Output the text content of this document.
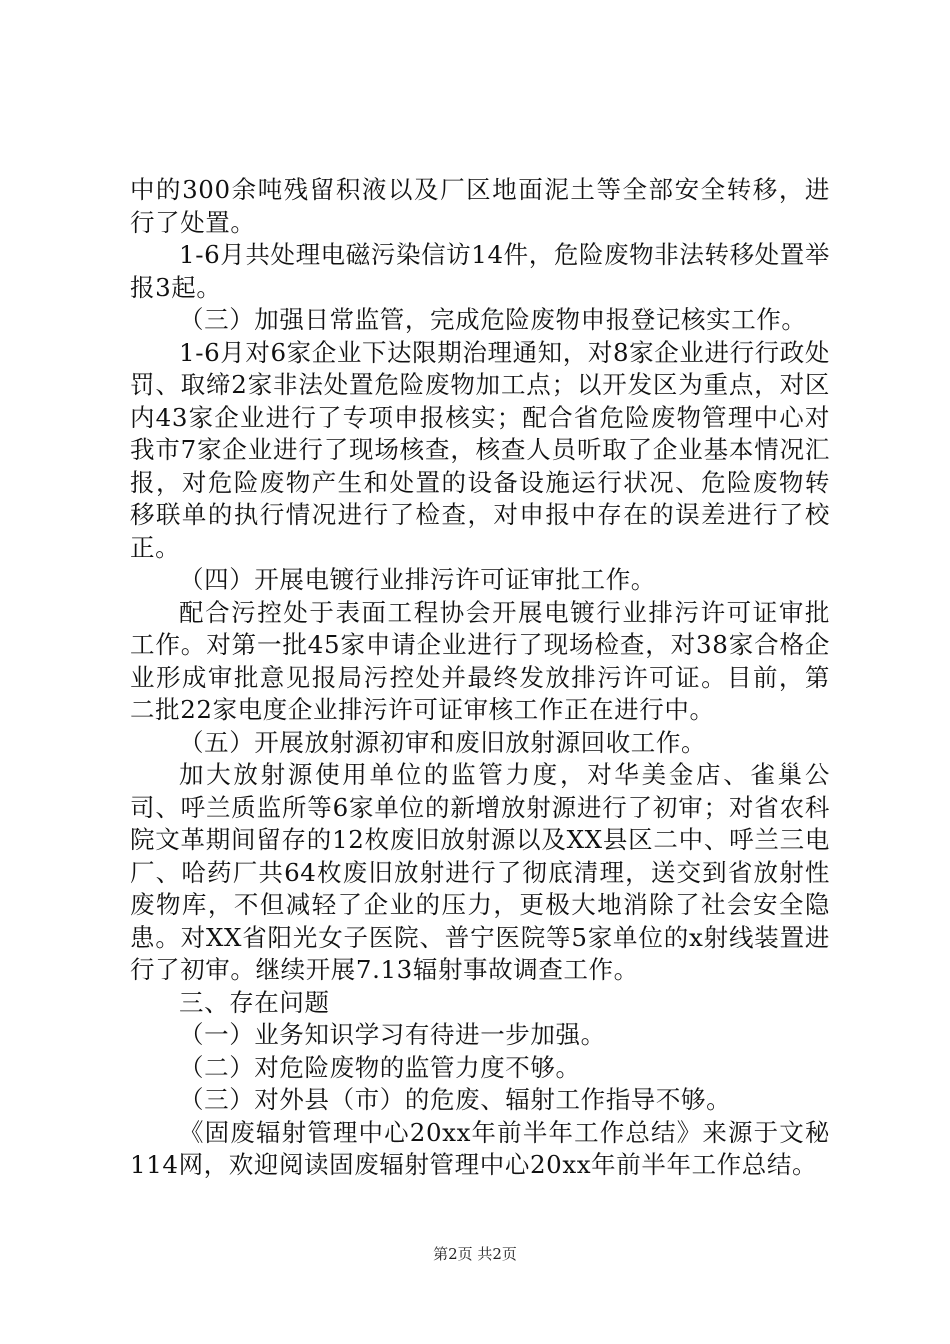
中的300余吨残留积液以及厂区地面泥土等全部安全转移，进行了处置。

1-6月共处理电磁污染信访14件，危险废物非法转移处置举报3起。

（三）加强日常监管，完成危险废物申报登记核实工作。

1-6月对6家企业下达限期治理通知，对8家企业进行行政处罚、取缔2家非法处置危险废物加工点；以开发区为重点，对区内43家企业进行了专项申报核实；配合省危险废物管理中心对我市7家企业进行了现场核查，核查人员听取了企业基本情况汇报，对危险废物产生和处置的设备设施运行状况、危险废物转移联单的执行情况进行了检查，对申报中存在的误差进行了校正。

（四）开展电镀行业排污许可证审批工作。

配合污控处于表面工程协会开展电镀行业排污许可证审批工作。对第一批45家申请企业进行了现场检查，对38家合格企业形成审批意见报局污控处并最终发放排污许可证。目前，第二批22家电度企业排污许可证审核工作正在进行中。

（五）开展放射源初审和废旧放射源回收工作。

加大放射源使用单位的监管力度，对华美金店、雀巢公司、呼兰质监所等6家单位的新增放射源进行了初审；对省农科院文革期间留存的12枚废旧放射源以及XX县区二中、呼兰三电厂、哈药厂共64枚废旧放射进行了彻底清理，送交到省放射性废物库，不但减轻了企业的压力，更极大地消除了社会安全隐患。对XX省阳光女子医院、普宁医院等5家单位的x射线装置进行了初审。继续开展7.13辐射事故调查工作。

三、存在问题

（一）业务知识学习有待进一步加强。

（二）对危险废物的监管力度不够。

（三）对外县（市）的危废、辐射工作指导不够。

《固废辐射管理中心20xx年前半年工作总结》来源于文秘114网，欢迎阅读固废辐射管理中心20xx年前半年工作总结。

第2页 共2页
